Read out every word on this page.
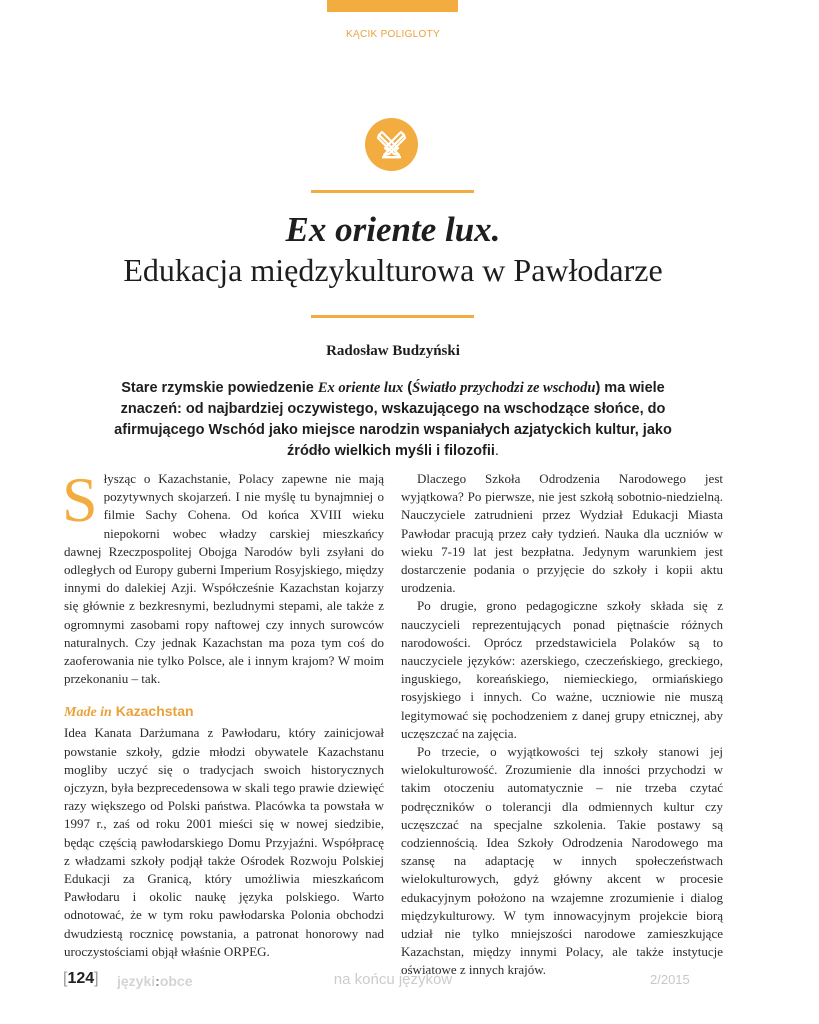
KĄCIK POLIGLOTY
Ex oriente lux.
Edukacja międzykulturowa w Pawłodarze
Radosław Budzyński
Stare rzymskie powiedzenie Ex oriente lux (Światło przychodzi ze wschodu) ma wiele znaczeń: od najbardziej oczywistego, wskazującego na wschodzące słońce, do afirmującego Wschód jako miejsce narodzin wspaniałych azjatyckich kultur, jako źródło wielkich myśli i filozofii.

Słysząc o Kazachstanie, Polacy zapewne nie mają pozytywnych skojarzeń. I nie myślę tu bynajmniej o filmie Sachy Cohena. Od końca XVIII wieku niepokorni wobec władzy carskiej mieszkańcy dawnej Rzeczpospolitej Obojga Narodów byli zsyłani do odległych od Europy guberni Imperium Rosyjskiego, między innymi do dalekiej Azji. Współcześnie Kazachstan kojarzy się głównie z bezkresnymi, bezludnymi stepami, ale także z ogromnymi zasobami ropy naftowej czy innych surowców naturalnych. Czy jednak Kazachstan ma poza tym coś do zaoferowania nie tylko Polsce, ale i innym krajom? W moim przekonaniu – tak.

Made in Kazachstan

Idea Kanata Darżumana z Pawłodaru, który zainicjował powstanie szkoły, gdzie młodzi obywatele Kazachstanu mogliby uczyć się o tradycjach swoich historycznych ojczyzn, była bezprecedensowa w skali tego prawie dziewięć razy większego od Polski państwa. Placówka ta powstała w 1997 r., zaś od roku 2001 mieści się w nowej siedzibie, będąc częścią pawłodarskiego Domu Przyjaźni. Współpracę z władzami szkoły podjął także Ośrodek Rozwoju Polskiej Edukacji za Granicą, który umożliwia mieszkańcom Pawłodaru i okolic naukę języka polskiego. Warto odnotować, że w tym roku pawłodarska Polonia obchodzi dwudziestą rocznicę powstania, a patronat honorowy nad uroczystościami objął właśnie ORPEG.

Dlaczego Szkoła Odrodzenia Narodowego jest wyjątkowa? Po pierwsze, nie jest szkołą sobotnio-niedzielną. Nauczyciele zatrudnieni przez Wydział Edukacji Miasta Pawłodar pracują przez cały tydzień. Nauka dla uczniów w wieku 7-19 lat jest bezpłatna. Jedynym warunkiem jest dostarczenie podania o przyjęcie do szkoły i kopii aktu urodzenia.

Po drugie, grono pedagogiczne szkoły składa się z nauczycieli reprezentujących ponad piętnaście różnych narodowości. Oprócz przedstawiciela Polaków są to nauczyciele języków: azerskiego, czeczeńskiego, greckiego, inguskiego, koreańskiego, niemieckiego, ormiańskiego rosyjskiego i innych. Co ważne, uczniowie nie muszą legitymować się pochodzeniem z danej grupy etnicznej, aby uczęszczać na zajęcia.

Po trzecie, o wyjątkowości tej szkoły stanowi jej wielokulturowość. Zrozumienie dla inności przychodzi w takim otoczeniu automatycznie – nie trzeba czytać podręczników o tolerancji dla odmiennych kultur czy uczęszczać na specjalne szkolenia. Takie postawy są codziennością. Idea Szkoły Odrodzenia Narodowego ma szansę na adaptację w innych społeczeństwach wielokulturowych, gdyż główny akcent w procesie edukacyjnym położono na wzajemne zrozumienie i dialog międzykulturowy. W tym innowacyjnym projekcie biorą udział nie tylko mniejszości narodowe zamieszkujące Kazachstan, między innymi Polacy, ale także instytucje oświatowe z innych krajów.

[124] języki:obce	na końcu języków	2/2015
